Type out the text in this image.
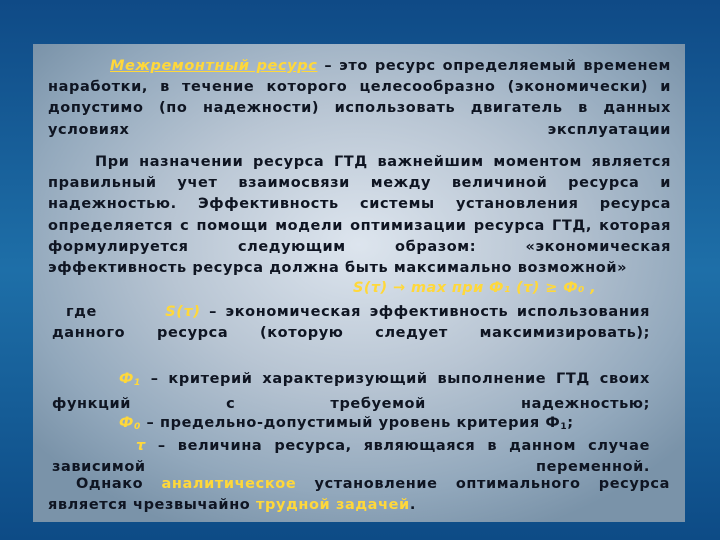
Межремонтный ресурс – это ресурс определяемый временем наработки, в течение которого целесообразно (экономически) и допустимо (по надежности) использовать двигатель в данных условиях эксплуатации
При назначении ресурса ГТД важнейшим моментом является правильный учет взаимосвязи между величиной ресурса и надежностью. Эффективность системы установления ресурса определяется с помощи модели оптимизации ресурса ГТД, которая формулируется следующим образом: «экономическая эффективность ресурса должна быть максимально возможной»
S(τ) → max при Ф₁ (τ) ≥ Ф₀ ,
где	S(τ) – экономическая эффективность использования данного ресурса (которую следует максимизировать);
$Ф_1$ – критерий характеризующий выполнение ГТД своих функций с требуемой надежностью;
$Ф_0$ – предельно-допустимый уровень критерия $Ф_1$;
τ – величина ресурса, являющаяся в данном случае зависимой переменной.
Однако аналитическое установление оптимального ресурса является чрезвычайно трудной задачей.
